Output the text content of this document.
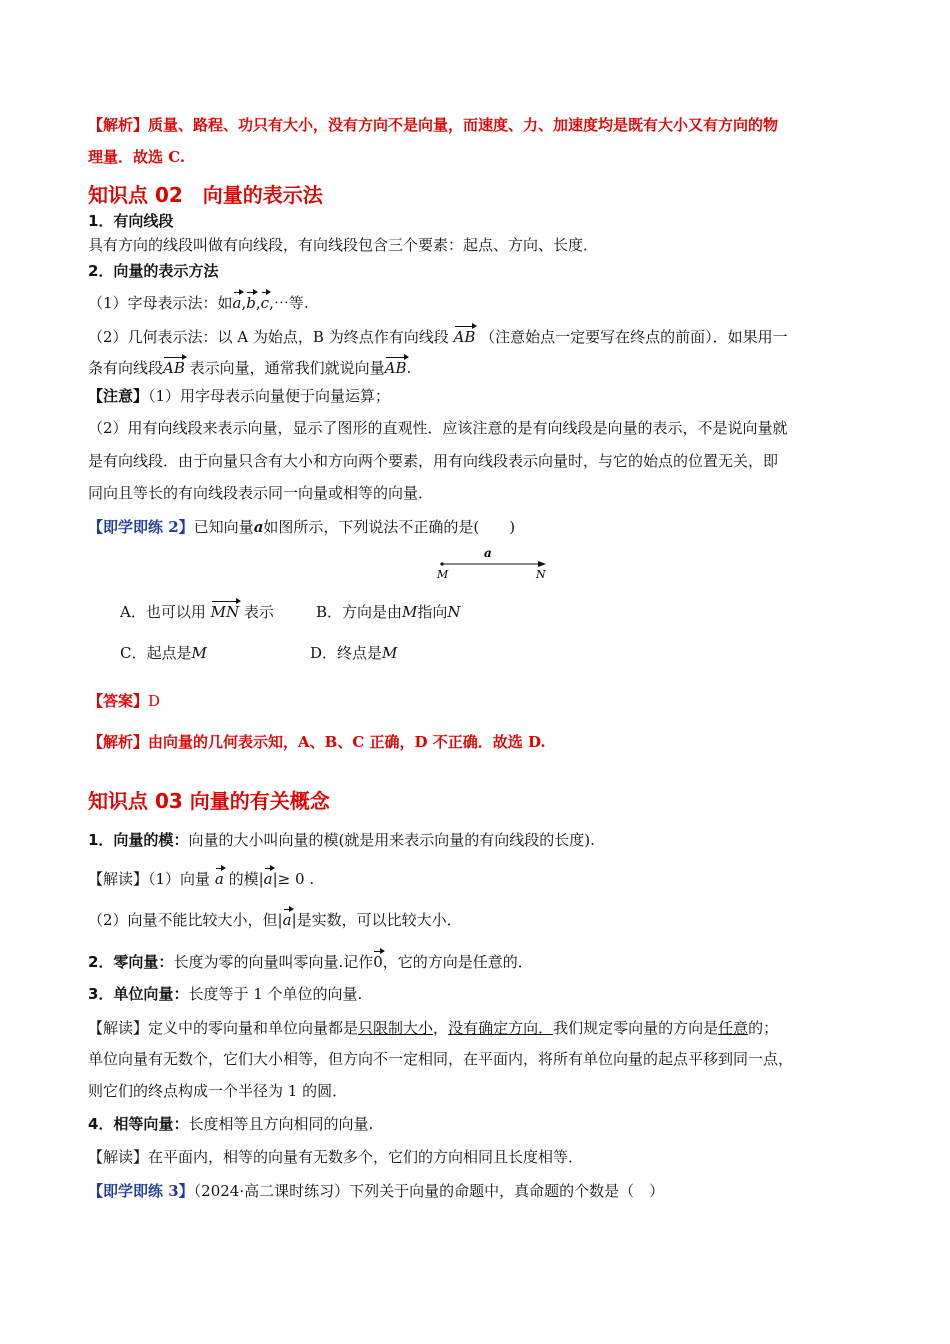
【解析】质量、路程、功只有大小，没有方向不是向量，而速度、力、加速度均是既有大小又有方向的物
理量．故选 C.
知识点 02　向量的表示法
1．有向线段
具有方向的线段叫做有向线段，有向线段包含三个要素：起点、方向、长度．
2．向量的表示方法
（1）字母表示法：如a,b,c,⋯等.
（2）几何表示法：以 A 为始点，B 为终点作有向线段 AB （注意始点一定要写在终点的前面）．如果用一
条有向线段AB 表示向量，通常我们就说向量AB.
【注意】（1）用字母表示向量便于向量运算；
（2）用有向线段来表示向量，显示了图形的直观性．应该注意的是有向线段是向量的表示，不是说向量就
是有向线段．由于向量只含有大小和方向两个要素，用有向线段表示向量时，与它的始点的位置无关，即
同向且等长的有向线段表示同一向量或相等的向量．
【即学即练 2】已知向量a如图所示，下列说法不正确的是(　　)
a
M	N
A．也可以用 MN 表示	B．方向是由M指向N
C．起点是M	D．终点是M
【答案】D
【解析】由向量的几何表示知，A、B、C 正确，D 不正确．故选 D.
知识点 03 向量的有关概念
1．向量的模：向量的大小叫向量的模(就是用来表示向量的有向线段的长度).
【解读】（1）向量 a 的模|a|≥ 0 .
（2）向量不能比较大小，但|a|是实数，可以比较大小．
2．零向量：长度为零的向量叫零向量.记作0，它的方向是任意的．
3．单位向量：长度等于 1 个单位的向量.
【解读】定义中的零向量和单位向量都是只限制大小，没有确定方向．我们规定零向量的方向是任意的；
单位向量有无数个，它们大小相等，但方向不一定相同，在平面内，将所有单位向量的起点平移到同一点，
则它们的终点构成一个半径为 1 的圆．
4．相等向量：长度相等且方向相同的向量.
【解读】在平面内，相等的向量有无数多个，它们的方向相同且长度相等．
【即学即练 3】（2024·高二课时练习）下列关于向量的命题中，真命题的个数是（　）
